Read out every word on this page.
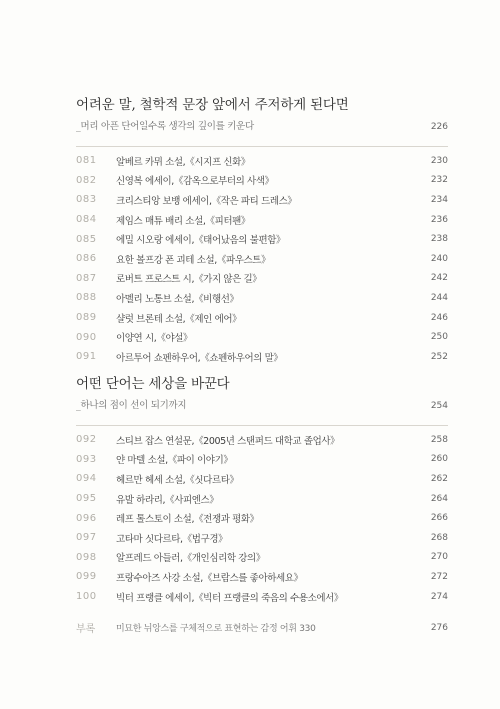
어려운 말, 철학적 문장 앞에서 주저하게 된다면
_머리 아픈 단어일수록 생각의 깊이를 키운다	226
081	알베르 카뮈 소설,《시지프 신화》	230
082	신영복 에세이,《감옥으로부터의 사색》	232
083	크리스티앙 보뱅 에세이,《작은 파티 드레스》	234
084	제임스 매튜 배리 소설,《피터팬》	236
085	에밀 시오랑 에세이,《태어났음의 불편함》	238
086	요한 볼프강 폰 괴테 소설,《파우스트》	240
087	로버트 프로스트 시,《가지 않은 길》	242
088	아멜리 노통브 소설,《비행선》	244
089	샬럿 브론테 소설,《제인 에어》	246
090	이양연 시,《야설》	250
091	아르투어 쇼펜하우어,《쇼펜하우어의 말》	252
어떤 단어는 세상을 바꾼다
_하나의 점이 선이 되기까지	254
092	스티브 잡스 연설문,《2005년 스탠퍼드 대학교 졸업사》	258
093	얀 마텔 소설,《파이 이야기》	260
094	헤르만 헤세 소설,《싯다르타》	262
095	유발 하라리,《사피엔스》	264
096	레프 톨스토이 소설,《전쟁과 평화》	266
097	고타마 싯다르타,《법구경》	268
098	알프레드 아들러,《개인심리학 강의》	270
099	프랑수아즈 사강 소설,《브람스를 좋아하세요》	272
100	빅터 프랭클 에세이,《빅터 프랭클의 죽음의 수용소에서》	274
부록	미묘한 뉘앙스를 구체적으로 표현하는 감정 어휘 330	276
